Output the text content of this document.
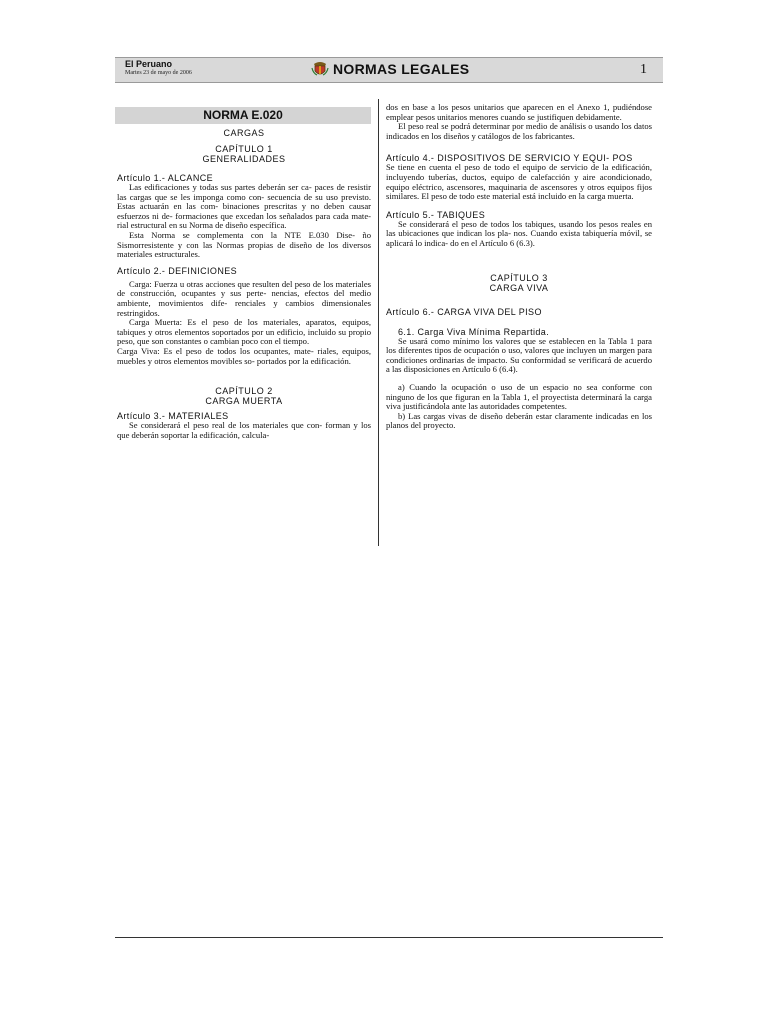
El Peruano
Martes 23 de mayo de 2006	NORMAS LEGALES	1
NORMA E.020
CARGAS
CAPÍTULO 1
GENERALIDADES
Artículo 1.- ALCANCE

Las edificaciones y todas sus partes deberán ser ca- paces de resistir las cargas que se les imponga como con- secuencia de su uso previsto. Estas actuarán en las com- binaciones prescritas y no deben causar esfuerzos ni de- formaciones que excedan los señalados para cada mate- rial estructural en su Norma de diseño específica.

Esta Norma se complementa con la NTE E.030 Dise- ño Sismorresistente y con las Normas propias de diseño de los diversos materiales estructurales.

Artículo 2.- DEFINICIONES

Carga: Fuerza u otras acciones que resulten del peso de los materiales de construcción, ocupantes y sus perte- nencias, efectos del medio ambiente, movimientos dife- renciales y cambios dimensionales restringidos.

Carga Muerta: Es el peso de los materiales, aparatos, equipos, tabiques y otros elementos soportados por un edificio, incluido su propio peso, que son constantes o cambian poco con el tiempo.

Carga Viva: Es el peso de todos los ocupantes, mate- riales, equipos, muebles y otros elementos movibles so- portados por la edificación.

CAPÍTULO 2
CARGA MUERTA
Artículo 3.- MATERIALES

Se considerará el peso real de los materiales que con- forman y los que deberán soportar la edificación, calcula-

dos en base a los pesos unitarios que aparecen en el Anexo 1, pudiéndose emplear pesos unitarios menores cuando se justifiquen debidamente.

El peso real se podrá determinar por medio de análisis o usando los datos indicados en los diseños y catálogos de los fabricantes.

Artículo 4.- DISPOSITIVOS DE SERVICIO Y EQUI- POS

Se tiene en cuenta el peso de todo el equipo de servicio de la edificación, incluyendo tuberías, ductos, equipo de calefacción y aire acondicionado, equipo eléctrico, ascensores, maquinaria de ascensores y otros equipos fijos similares. El peso de todo este material está incluido en la carga muerta.

Artículo 5.- TABIQUES

Se considerará el peso de todos los tabiques, usando los pesos reales en las ubicaciones que indican los pla- nos. Cuando exista tabiquería móvil, se aplicará lo indica- do en el Artículo 6 (6.3).

CAPÍTULO 3
CARGA VIVA
Artículo 6.- CARGA VIVA DEL PISO
6.1. Carga Viva Mínima Repartida.

Se usará como mínimo los valores que se establecen en la Tabla 1 para los diferentes tipos de ocupación o uso, valores que incluyen un margen para condiciones ordinarias de impacto. Su conformidad se verificará de acuerdo a las disposiciones en Artículo 6 (6.4).

a) Cuando la ocupación o uso de un espacio no sea conforme con ninguno de los que figuran en la Tabla 1, el proyectista determinará la carga viva justificándola ante las autoridades competentes.

b) Las cargas vivas de diseño deberán estar claramente indicadas en los planos del proyecto.
